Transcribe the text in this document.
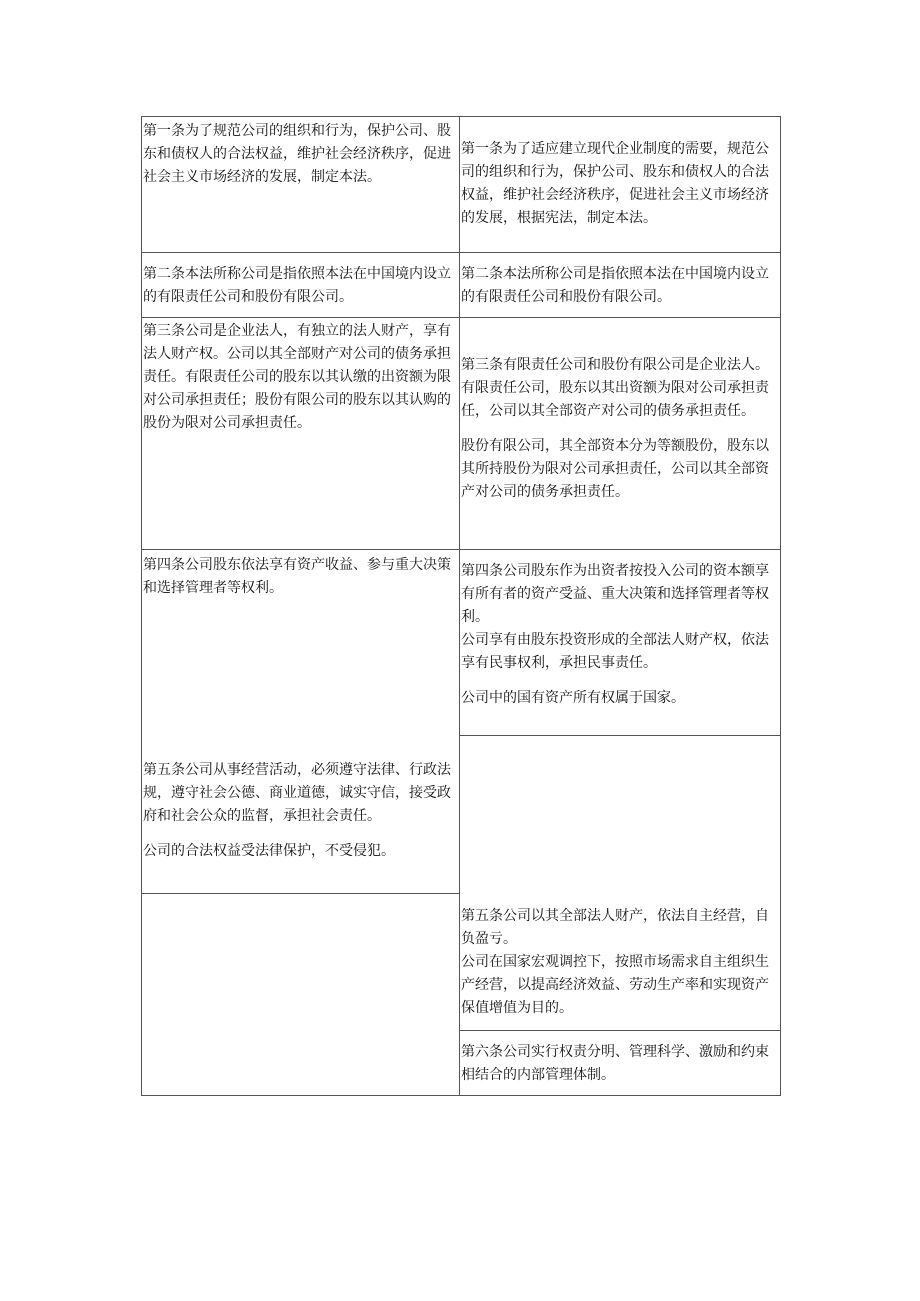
第一条为了规范公司的组织和行为，保护公司、股东和债权人的合法权益，维护社会经济秩序，促进社会主义市场经济的发展，制定本法。

第一条为了适应建立现代企业制度的需要，规范公司的组织和行为，保护公司、股东和债权人的合法权益，维护社会经济秩序，促进社会主义市场经济的发展，根据宪法，制定本法。

第二条本法所称公司是指依照本法在中国境内设立的有限责任公司和股份有限公司。

第二条本法所称公司是指依照本法在中国境内设立的有限责任公司和股份有限公司。

第三条公司是企业法人，有独立的法人财产，享有法人财产权。公司以其全部财产对公司的债务承担责任。有限责任公司的股东以其认缴的出资额为限对公司承担责任；股份有限公司的股东以其认购的股份为限对公司承担责任。

第三条有限责任公司和股份有限公司是企业法人。有限责任公司，股东以其出资额为限对公司承担责任，公司以其全部资产对公司的债务承担责任。

股份有限公司，其全部资本分为等额股份，股东以其所持股份为限对公司承担责任，公司以其全部资产对公司的债务承担责任。

第四条公司股东依法享有资产收益、参与重大决策和选择管理者等权利。

第四条公司股东作为出资者按投入公司的资本额享有所有者的资产受益、重大决策和选择管理者等权利。

公司享有由股东投资形成的全部法人财产权，依法享有民事权利，承担民事责任。

公司中的国有资产所有权属于国家。

第五条公司从事经营活动，必须遵守法律、行政法规，遵守社会公德、商业道德，诚实守信，接受政府和社会公众的监督，承担社会责任。

公司的合法权益受法律保护，不受侵犯。

第五条公司以其全部法人财产，依法自主经营，自负盈亏。

公司在国家宏观调控下，按照市场需求自主组织生产经营，以提高经济效益、劳动生产率和实现资产保值增值为目的。

第六条公司实行权责分明、管理科学、激励和约束相结合的内部管理体制。
